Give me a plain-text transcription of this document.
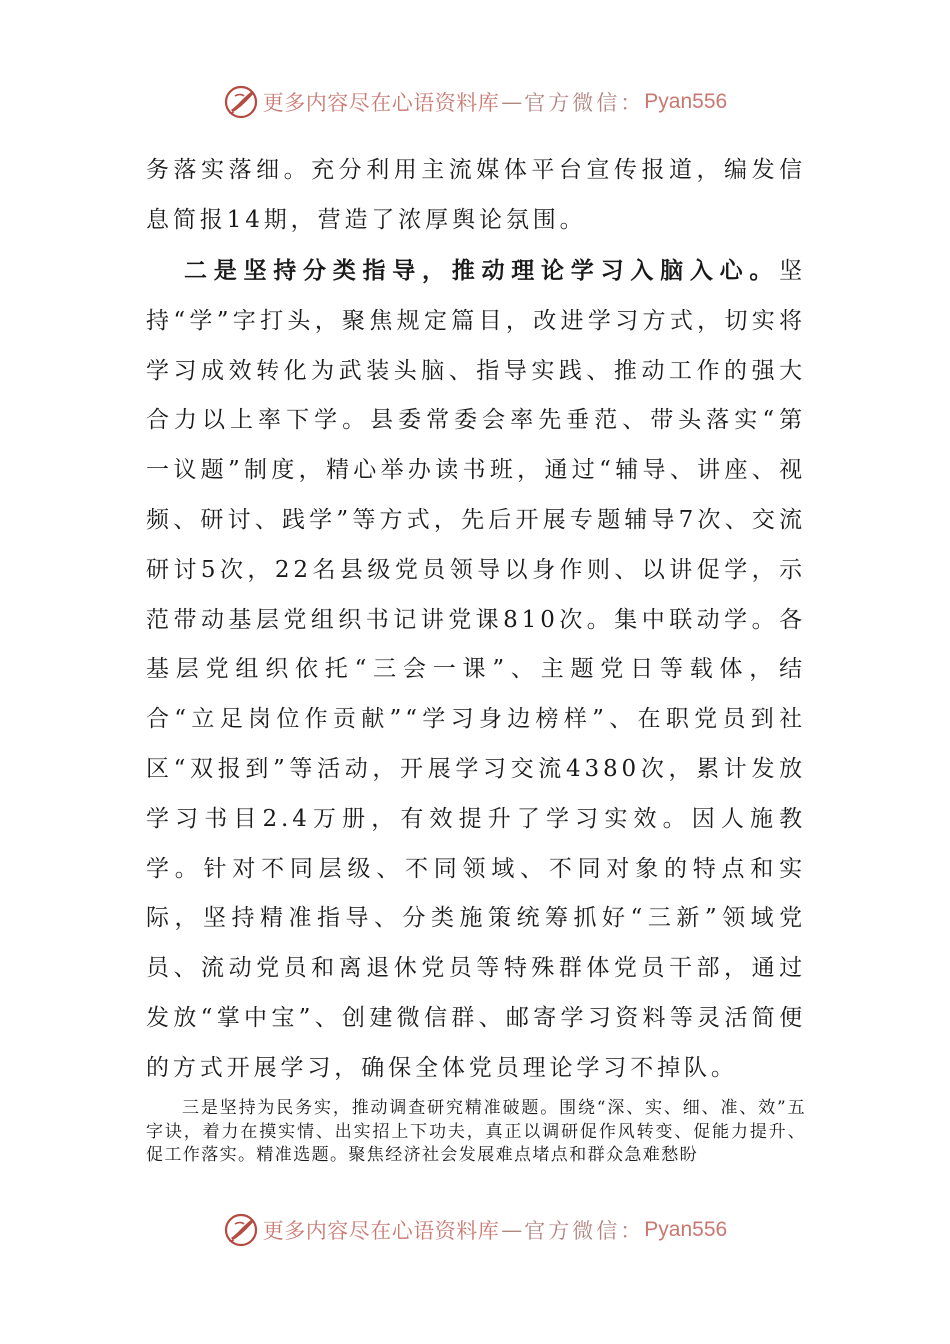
更多内容尽在心语资料库 — 官方微信： Pyan556

务落实落细。充分利用主流媒体平台宣传报道，编发信息简报14期，营造了浓厚舆论氛围。

二是坚持分类指导，推动理论学习入脑入心。坚持“学”字打头，聚焦规定篇目，改进学习方式，切实将学习成效转化为武装头脑、指导实践、推动工作的强大合力以上率下学。县委常委会率先垂范、带头落实“第一议题”制度，精心举办读书班，通过“辅导、讲座、视频、研讨、践学”等方式，先后开展专题辅导7次、交流研讨5次，22名县级党员领导以身作则、以讲促学，示范带动基层党组织书记讲党课810次。集中联动学。各基层党组织依托“三会一课”、主题党日等载体，结合“立足岗位作贡献”“学习身边榜样”、在职党员到社区“双报到”等活动，开展学习交流4380次，累计发放学习书目2.4万册，有效提升了学习实效。因人施教学。针对不同层级、不同领域、不同对象的特点和实际，坚持精准指导、分类施策统筹抓好“三新”领域党员、流动党员和离退休党员等特殊群体党员干部，通过发放“掌中宝”、创建微信群、邮寄学习资料等灵活简便的方式开展学习，确保全体党员理论学习不掉队。

三是坚持为民务实，推动调查研究精准破题。围绕“深、实、细、准、效”五字诀，着力在摸实情、出实招上下功夫，真正以调研促作风转变、促能力提升、促工作落实。精准选题。聚焦经济社会发展难点堵点和群众急难愁盼

更多内容尽在心语资料库 — 官方微信： Pyan556
